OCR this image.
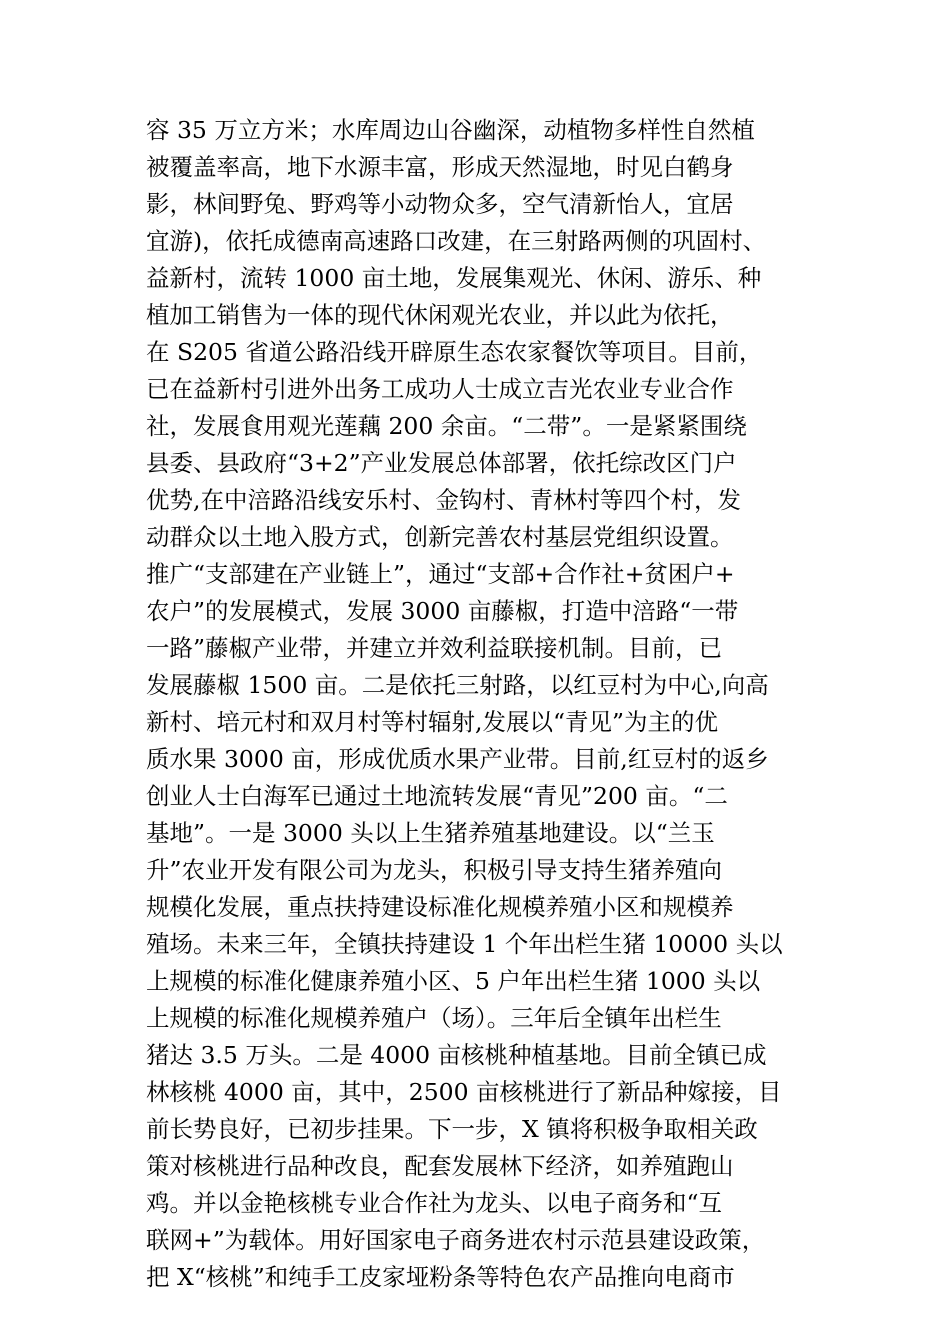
容 35 万立方米；水库周边山谷幽深，动植物多样性自然植
被覆盖率高，地下水源丰富，形成天然湿地，时见白鹤身
影，林间野兔、野鸡等小动物众多，空气清新怡人，宜居
宜游)，依托成德南高速路口改建，在三射路两侧的巩固村、
益新村，流转 1000 亩土地，发展集观光、休闲、游乐、种
植加工销售为一体的现代休闲观光农业，并以此为依托，
在 S205 省道公路沿线开辟原生态农家餐饮等项目。目前，
已在益新村引进外出务工成功人士成立吉光农业专业合作
社，发展食用观光莲藕 200 余亩。“二带”。一是紧紧围绕
县委、县政府“3+2”产业发展总体部署，依托综改区门户
优势,在中涪路沿线安乐村、金钩村、青林村等四个村，发
动群众以土地入股方式，创新完善农村基层党组织设置。
推广“支部建在产业链上”，通过“支部+合作社+贫困户+
农户”的发展模式，发展 3000 亩藤椒，打造中涪路“一带
一路”藤椒产业带，并建立并效利益联接机制。目前，已
发展藤椒 1500 亩。二是依托三射路，以红豆村为中心,向高
新村、培元村和双月村等村辐射,发展以“青见”为主的优
质水果 3000 亩，形成优质水果产业带。目前,红豆村的返乡
创业人士白海军已通过土地流转发展“青见”200 亩。“二
基地”。一是 3000 头以上生猪养殖基地建设。以“兰玉
升”农业开发有限公司为龙头，积极引导支持生猪养殖向
规模化发展，重点扶持建设标准化规模养殖小区和规模养
殖场。未来三年，全镇扶持建设 1 个年出栏生猪 10000 头以
上规模的标准化健康养殖小区、5 户年出栏生猪 1000 头以
上规模的标准化规模养殖户（场）。三年后全镇年出栏生
猪达 3.5 万头。二是 4000 亩核桃种植基地。目前全镇已成
林核桃 4000 亩，其中，2500 亩核桃进行了新品种嫁接，目
前长势良好，已初步挂果。下一步，X 镇将积极争取相关政
策对核桃进行品种改良，配套发展林下经济，如养殖跑山
鸡。并以金艳核桃专业合作社为龙头、以电子商务和“互
联网+”为载体。用好国家电子商务进农村示范县建设政策，
把 X“核桃”和纯手工皮家垭粉条等特色农产品推向电商市
